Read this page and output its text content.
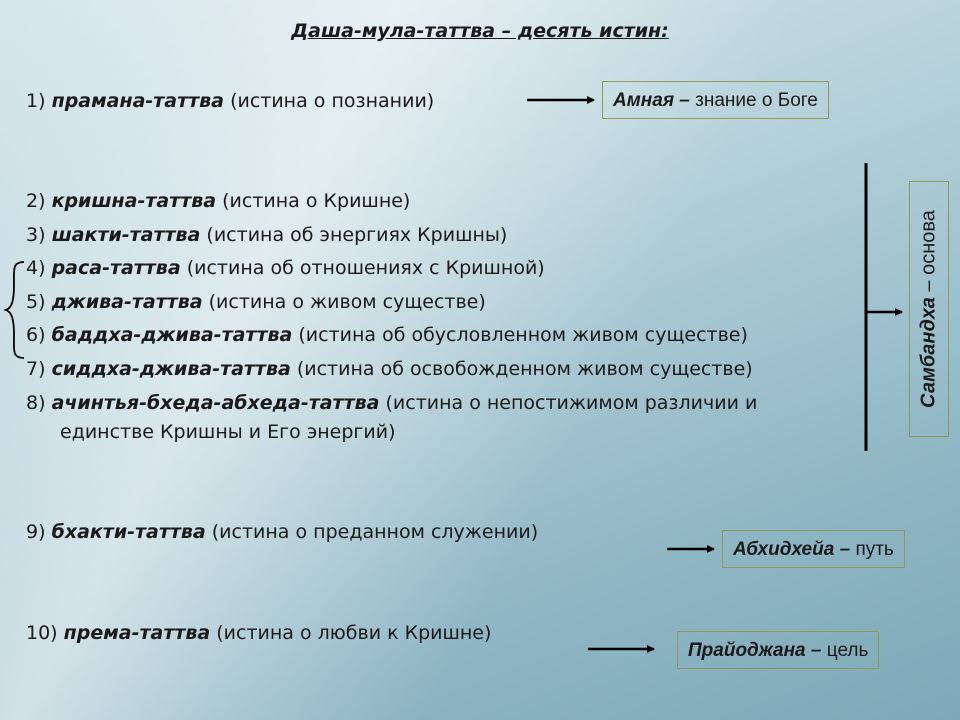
Даша-мула-таттва – десять истин:
1) прамана-таттва (истина о познании)
2) кришна-таттва (истина о Кришне)
3) шакти-таттва (истина об энергиях Кришны)
4) раса-таттва (истина об отношениях с Кришной)
5) джива-таттва (истина о живом существе)
6) баддха-джива-таттва (истина об обусловленном живом существе)
7) сиддха-джива-таттва (истина об освобожденном живом существе)
8) ачинтья-бхеда-абхеда-таттва (истина о непостижимом различии и
единстве Кришны и Его энергий)
9) бхакти-таттва (истина о преданном служении)
10) према-таттва (истина о любви к Кришне)
Амная – знание о Боге
Абхидхейа – путь
Прайоджана – цель
Самбандха – основа
